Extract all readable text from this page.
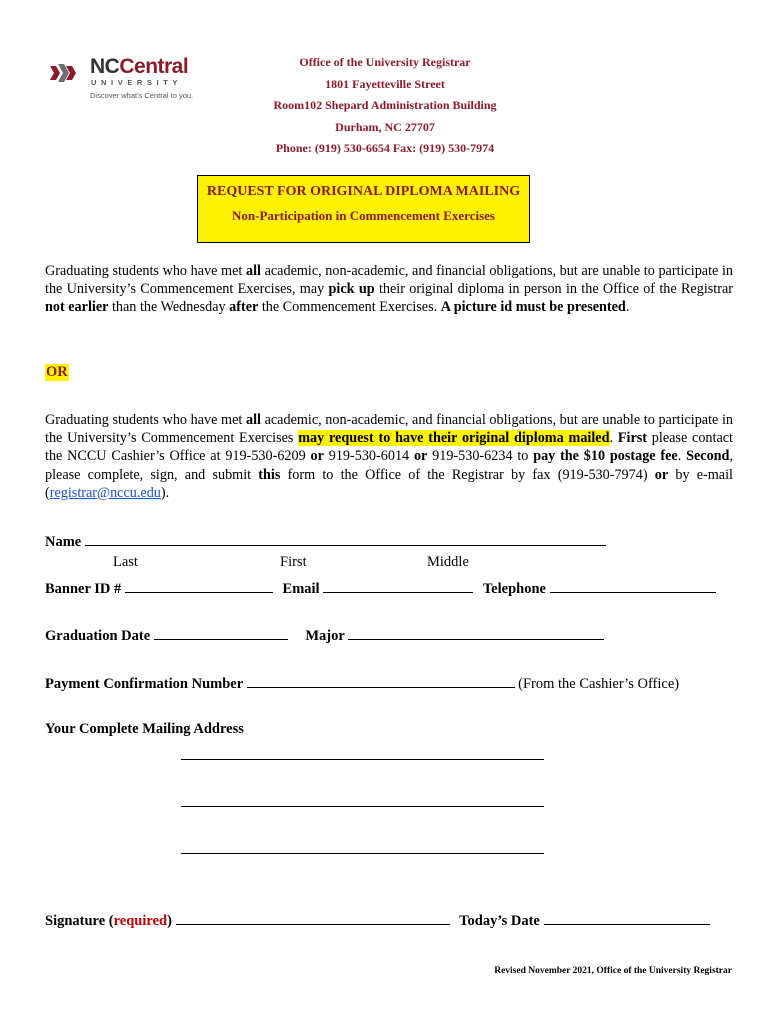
NCCentral
UNIVERSITY
Discover what's Central to you.
Office of the University Registrar
1801 Fayetteville Street
Room102 Shepard Administration Building
Durham, NC 27707
Phone: (919) 530-6654 Fax: (919) 530-7974
REQUEST FOR ORIGINAL DIPLOMA MAILING
Non-Participation in Commencement Exercises
Graduating students who have met all academic, non-academic, and financial obligations, but are unable to participate in the University’s Commencement Exercises, may pick up their original diploma in person in the Office of the Registrar not earlier than the Wednesday after the Commencement Exercises. A picture id must be presented.
OR
Graduating students who have met all academic, non-academic, and financial obligations, but are unable to participate in the University’s Commencement Exercises may request to have their original diploma mailed. First please contact the NCCU Cashier’s Office at 919-530-6209 or 919-530-6014 or 919-530-6234 to pay the $10 postage fee. Second, please complete, sign, and submit this form to the Office of the Registrar by fax (919-530-7974) or by e-mail (registrar@nccu.edu).
Name
Last	First	Middle
Banner ID #	Email	Telephone
Graduation Date	Major
Payment Confirmation Number	(From the Cashier’s Office)
Your Complete Mailing Address
Signature (required)	Today’s Date
Revised November 2021, Office of the University Registrar
